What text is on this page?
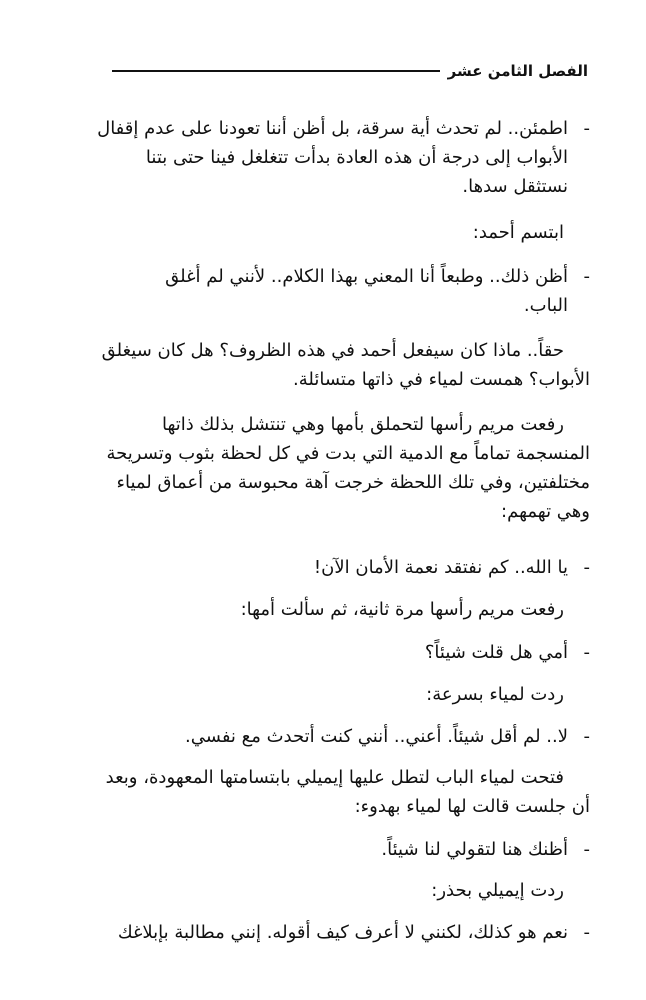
الفصل الثامن عشر
-اطمئن.. لم تحدث أية سرقة، بل أظن أننا تعودنا على عدم إقفال
الأبواب إلى درجة أن هذه العادة بدأت تتغلغل فينا حتى بتنا
نستثقل سدها.
ابتسم أحمد:
-أظن ذلك.. وطبعاً أنا المعني بهذا الكلام.. لأنني لم أغلق
الباب.
حقاً.. ماذا كان سيفعل أحمد في هذه الظروف؟ هل كان سيغلق
الأبواب؟ همست لمياء في ذاتها متسائلة.
رفعت مريم رأسها لتحملق بأمها وهي تنتشل بذلك ذاتها
المنسجمة تماماً مع الدمية التي بدت في كل لحظة بثوب وتسريحة
مختلفتين، وفي تلك اللحظة خرجت آهة محبوسة من أعماق لمياء
وهي تهمهم:
-يا الله.. كم نفتقد نعمة الأمان الآن!
رفعت مريم رأسها مرة ثانية، ثم سألت أمها:
-أمي هل قلت شيئاً؟
ردت لمياء بسرعة:
-لا.. لم أقل شيئاً. أعني.. أنني كنت أتحدث مع نفسي.
فتحت لمياء الباب لتطل عليها إيميلي بابتسامتها المعهودة، وبعد
أن جلست قالت لها لمياء بهدوء:
-أظنك هنا لتقولي لنا شيئاً.
ردت إيميلي بحذر:
-نعم هو كذلك، لكنني لا أعرف كيف أقوله. إنني مطالبة بإبلاغك
